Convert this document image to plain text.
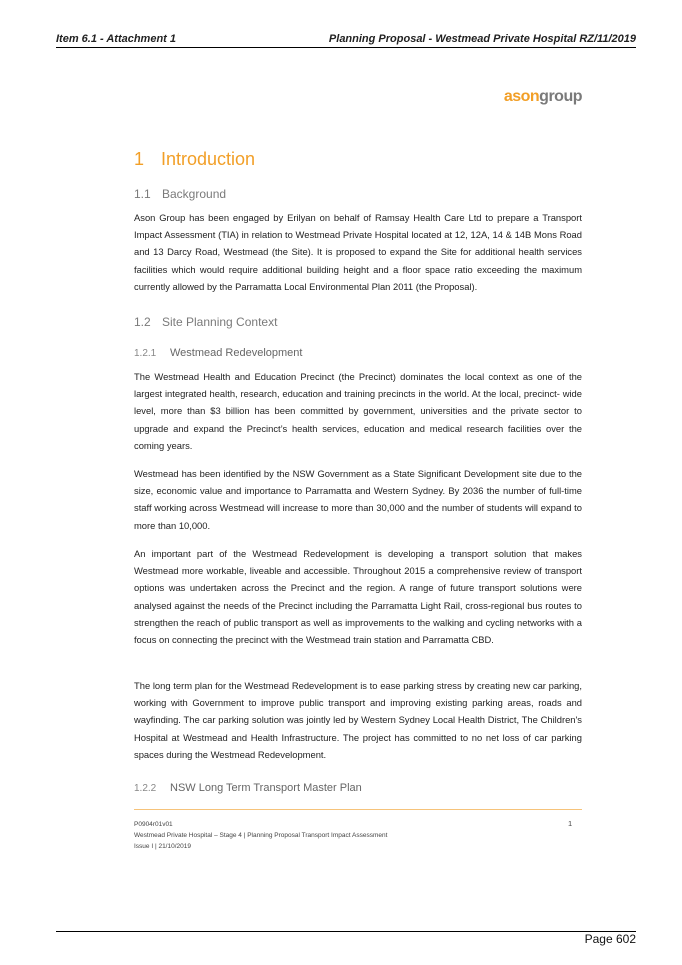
Item 6.1 - Attachment 1	Planning Proposal - Westmead Private Hospital RZ/11/2019
asongroup
1 Introduction
1.1 Background

Ason Group has been engaged by Erilyan on behalf of Ramsay Health Care Ltd to prepare a Transport Impact Assessment (TIA) in relation to Westmead Private Hospital located at 12, 12A, 14 & 14B Mons Road and 13 Darcy Road, Westmead (the Site). It is proposed to expand the Site for additional health services facilities which would require additional building height and a floor space ratio exceeding the maximum currently allowed by the Parramatta Local Environmental Plan 2011 (the Proposal).

1.2 Site Planning Context
1.2.1 Westmead Redevelopment

The Westmead Health and Education Precinct (the Precinct) dominates the local context as one of the largest integrated health, research, education and training precincts in the world. At the local, precinct- wide level, more than $3 billion has been committed by government, universities and the private sector to upgrade and expand the Precinct’s health services, education and medical research facilities over the coming years.

Westmead has been identified by the NSW Government as a State Significant Development site due to the size, economic value and importance to Parramatta and Western Sydney. By 2036 the number of full-time staff working across Westmead will increase to more than 30,000 and the number of students will expand to more than 10,000.

An important part of the Westmead Redevelopment is developing a transport solution that makes Westmead more workable, liveable and accessible. Throughout 2015 a comprehensive review of transport options was undertaken across the Precinct and the region. A range of future transport solutions were analysed against the needs of the Precinct including the Parramatta Light Rail, cross-regional bus routes to strengthen the reach of public transport as well as improvements to the walking and cycling networks with a focus on connecting the precinct with the Westmead train station and Parramatta CBD.

The long term plan for the Westmead Redevelopment is to ease parking stress by creating new car parking, working with Government to improve public transport and improving existing parking areas, roads and wayfinding. The car parking solution was jointly led by Western Sydney Local Health District, The Children's Hospital at Westmead and Health Infrastructure. The project has committed to no net loss of car parking spaces during the Westmead Redevelopment.

1.2.2 NSW Long Term Transport Master Plan
P0904r01v01
Westmead Private Hospital – Stage 4 | Planning Proposal Transport Impact Assessment
Issue I | 21/10/2019
1
Page 602
